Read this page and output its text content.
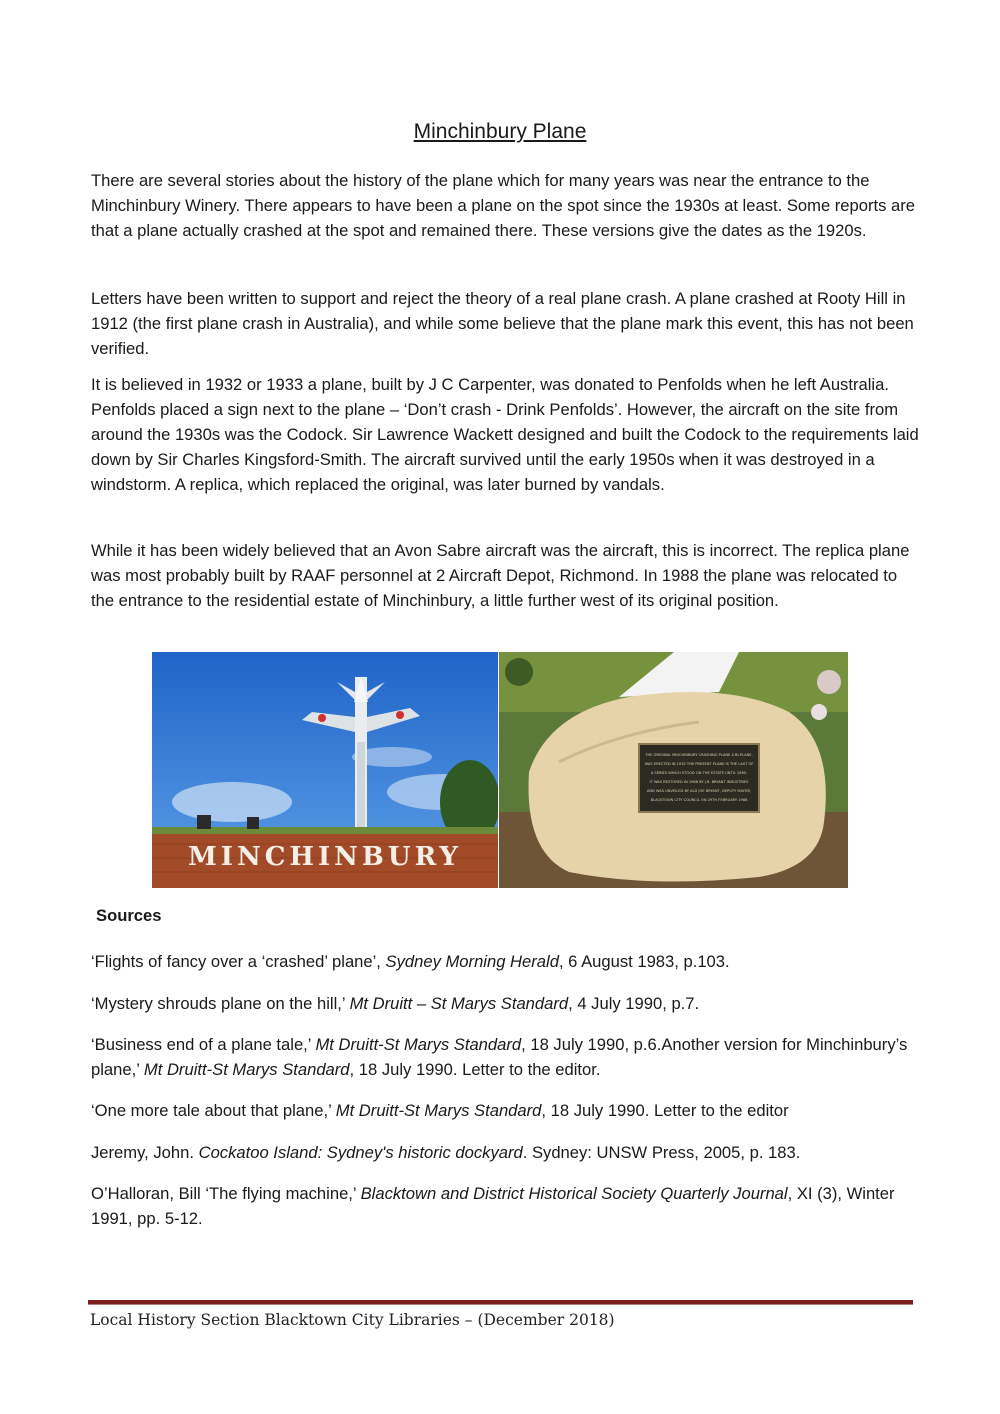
Minchinbury Plane

There are several stories about the history of the plane which for many years was near the entrance to the Minchinbury Winery. There appears to have been a plane on the spot since the 1930s at least. Some reports are that a plane actually crashed at the spot and remained there. These versions give the dates as the 1920s.

Letters have been written to support and reject the theory of a real plane crash. A plane crashed at Rooty Hill in 1912 (the first plane crash in Australia), and while some believe that the plane mark this event, this has not been verified.

It is believed in 1932 or 1933 a plane, built by J C Carpenter, was donated to Penfolds when he left Australia. Penfolds placed a sign next to the plane – ‘Don’t crash - Drink Penfolds’. However, the aircraft on the site from around the 1930s was the Codock. Sir Lawrence Wackett designed and built the Codock to the requirements laid down by Sir Charles Kingsford-Smith. The aircraft survived until the early 1950s when it was destroyed in a windstorm. A replica, which replaced the original, was later burned by vandals.

While it has been widely believed that an Avon Sabre aircraft was the aircraft, this is incorrect. The replica plane was most probably built by RAAF personnel at 2 Aircraft Depot, Richmond. In 1988 the plane was relocated to the entrance to the residential estate of Minchinbury, a little further west of its original position.

MINCHINBURY
THE ORIGINAL MINCHINBURY CRASHING PLANE A BI-PLANE,
WAS ERECTED IN 1932 THE PRESENT PLANE IS THE LAST OF
A SERIES WHICH STOOD ON THE ESTATE UNTIL 1985.
IT WAS RESTORED IN 1988 BY J.R. BRYANT INDUSTRIES
AND WAS UNVEILED BY ALD JOE BRYANT, DEPUTY MAYOR,
BLACKTOWN CITY COUNCIL ON 29TH FEBRUARY 1988
Sources

‘Flights of fancy over a ‘crashed’ plane’, Sydney Morning Herald, 6 August 1983, p.103.

‘Mystery shrouds plane on the hill,’ Mt Druitt – St Marys Standard, 4 July 1990, p.7.

‘Business end of a plane tale,’ Mt Druitt-St Marys Standard, 18 July 1990, p.6.Another version for Minchinbury’s plane,’ Mt Druitt-St Marys Standard, 18 July 1990. Letter to the editor.

‘One more tale about that plane,’ Mt Druitt-St Marys Standard, 18 July 1990. Letter to the editor

Jeremy, John. Cockatoo Island: Sydney's historic dockyard. Sydney: UNSW Press, 2005, p. 183.

O’Halloran, Bill ‘The flying machine,’ Blacktown and District Historical Society Quarterly Journal, XI (3), Winter 1991, pp. 5-12.

Local History Section Blacktown City Libraries – (December 2018)
